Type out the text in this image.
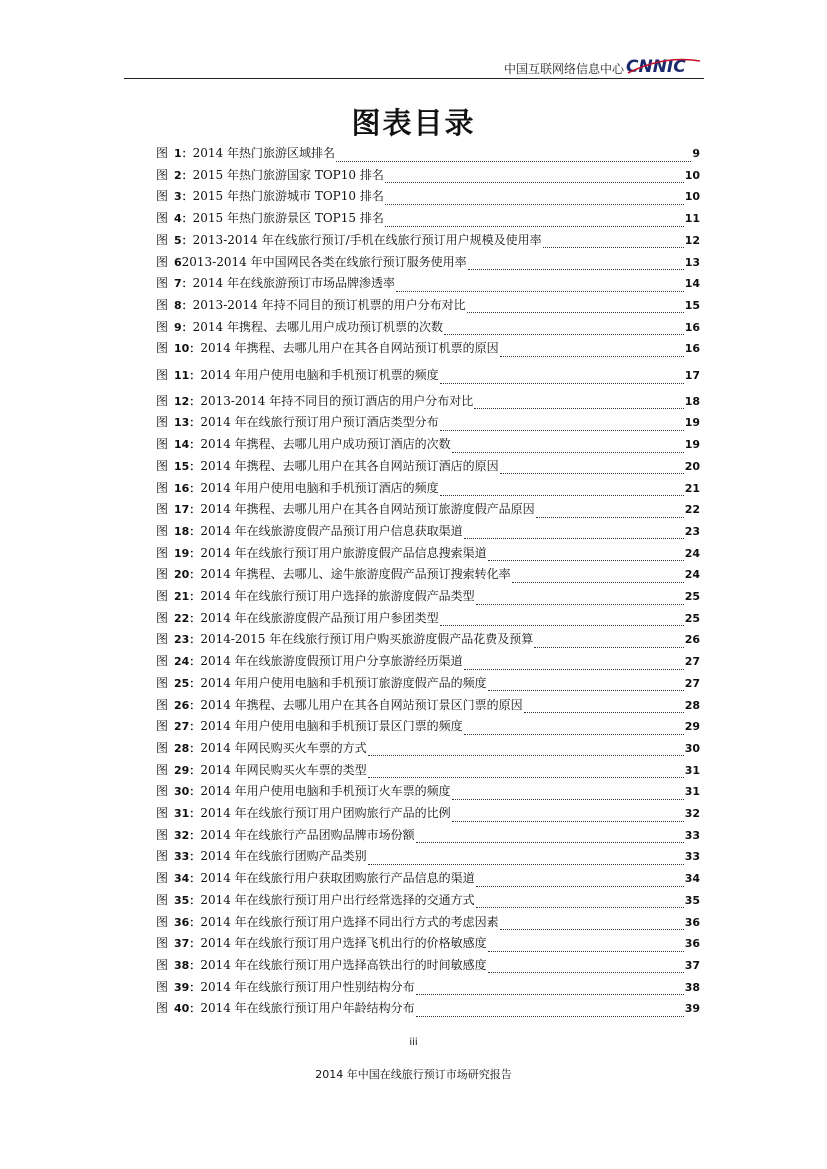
中国互联网络信息中心 CNNIC
图表目录
图 1： 2014 年热门旅游区域排名	9
图 2： 2015 年热门旅游国家 TOP10 排名	10
图 3： 2015 年热门旅游城市 TOP10 排名	10
图 4： 2015 年热门旅游景区 TOP15 排名	11
图 5： 2013-2014 年在线旅行预订/手机在线旅行预订用户规模及使用率	12
图 6 2013-2014 年中国网民各类在线旅行预订服务使用率	13
图 7： 2014 年在线旅游预订市场品牌渗透率	14
图 8： 2013-2014 年持不同目的预订机票的用户分布对比	15
图 9： 2014 年携程、去哪儿用户成功预订机票的次数	16
图 10： 2014 年携程、去哪儿用户在其各自网站预订机票的原因	16
图 11： 2014 年用户使用电脑和手机预订机票的频度	17
图 12： 2013-2014 年持不同目的预订酒店的用户分布对比	18
图 13： 2014 年在线旅行预订用户预订酒店类型分布	19
图 14： 2014 年携程、去哪儿用户成功预订酒店的次数	19
图 15： 2014 年携程、去哪儿用户在其各自网站预订酒店的原因	20
图 16： 2014 年用户使用电脑和手机预订酒店的频度	21
图 17： 2014 年携程、去哪儿用户在其各自网站预订旅游度假产品原因	22
图 18： 2014 年在线旅游度假产品预订用户信息获取渠道	23
图 19： 2014 年在线旅行预订用户旅游度假产品信息搜索渠道	24
图 20： 2014 年携程、去哪儿、途牛旅游度假产品预订搜索转化率	24
图 21： 2014 年在线旅行预订用户选择的旅游度假产品类型	25
图 22： 2014 年在线旅游度假产品预订用户参团类型	25
图 23： 2014-2015 年在线旅行预订用户购买旅游度假产品花费及预算	26
图 24： 2014 年在线旅游度假预订用户分享旅游经历渠道	27
图 25： 2014 年用户使用电脑和手机预订旅游度假产品的频度	27
图 26： 2014 年携程、去哪儿用户在其各自网站预订景区门票的原因	28
图 27： 2014 年用户使用电脑和手机预订景区门票的频度	29
图 28： 2014 年网民购买火车票的方式	30
图 29： 2014 年网民购买火车票的类型	31
图 30： 2014 年用户使用电脑和手机预订火车票的频度	31
图 31： 2014 年在线旅行预订用户团购旅行产品的比例	32
图 32： 2014 年在线旅行产品团购品牌市场份额	33
图 33： 2014 年在线旅行团购产品类别	33
图 34： 2014 年在线旅行用户获取团购旅行产品信息的渠道	34
图 35： 2014 年在线旅行预订用户出行经常选择的交通方式	35
图 36： 2014 年在线旅行预订用户选择不同出行方式的考虑因素	36
图 37： 2014 年在线旅行预订用户选择飞机出行的价格敏感度	36
图 38： 2014 年在线旅行预订用户选择高铁出行的时间敏感度	37
图 39： 2014 年在线旅行预订用户性别结构分布	38
图 40： 2014 年在线旅行预订用户年龄结构分布	39
iii
2014 年中国在线旅行预订市场研究报告
